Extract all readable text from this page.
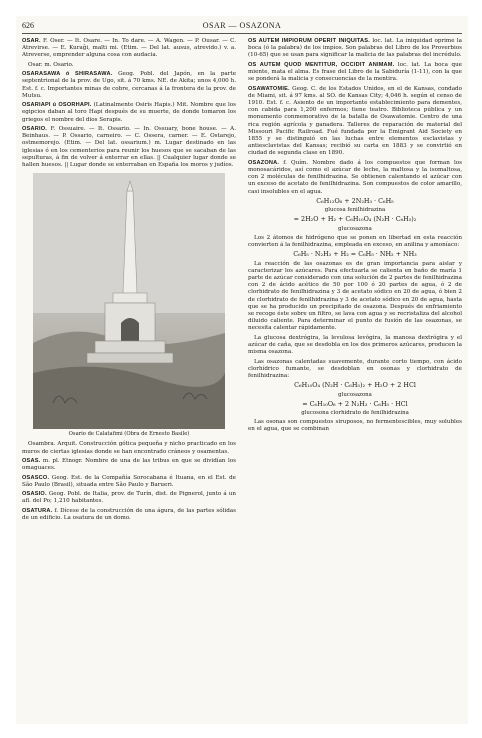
626	OSAR — OSAZONA

OSAR. F. Oser. — It. Osare. — In. To dare. — A. Wagen. — P. Ousar. — C. Atrevirse. — E. Kuraĝi, malti mi. (Etim. — Del lat. ausus, atrevido.) v. a. Atreverse, emprender alguna cosa con audacia.

Osar. m. Osario.

OSARASAWA ó SHIRASAWA. Geog. Pobl. del Japón, en la parte septentrional de la prov. de Ugo, sit. á 70 kms. NE. de Akita; unos 4,000 h. Est. f. c. Importantes minas de cobre, cercanas á la frontera de la prov. de Mutsu.

OSARIAPI ú OSORHAPI. (Latinalmente Osiris Hapis.) Mit. Nombre que los egipcios daban al toro Hapi después de su muerte, de donde tomaron los griegos el nombre del dios Serapis.

OSARIO. F. Ossuaire. — It. Ossario. — In. Ossuary, bone house. — A. Beinhaus. — P. Ossario, carneiro. — C. Ossera, carner. — E. Ostarejo, ostmemorejo. (Etim. — Del lat. ossarium.) m. Lugar destinado en las iglesias ó en los cementerios para reunir los huesos que se sacaban de las sepulturas, á fin de volver á enterrar en ellas. || Cualquier lugar donde se hallen huesos. || Lugar donde se enterraban en España los moros y judíos.

Osario de Calatafimi (Obra de Ernesto Basile)

Osambra. Arquit. Construcción gótica pequeña y nicho practicado en los muros de ciertas iglesias donde se han encontrado cráneos y osamentas.

OSAS. m. pl. Etnogr. Nombre de una de las tribus en que se dividían los omaguaces.

OSASCO. Geog. Est. de la Compañía Sorocabana é Ituana, en el Est. de São Paulo (Brasil), situada entre São Paulo y Barueri.

OSASIO. Geog. Pobl. de Italia, prov. de Turín, dist. de Pignerol, junto á un afl. del Po; 1,210 habitantes.

OSATURA. f. Dícese de la construcción de una águra, de las partes sólidas de un edificio. La osatura de un domo.

OS AUTEM IMPIORUM OPERIT INIQUITAS. loc. lat. La iniquidad oprime la boca (ó la palabra) de los impíos. Son palabras del Libro de los Proverbios (10-65) que se usan para significar la malicia de las palabras del incrédulo.

OS AUTEM QUOD MENTITUR, OCCIDIT ANIMAM. loc. lat. La boca que miente, mata el alma. Es frase del Libro de la Sabiduría (1-11), con la que se ponderá la malicia y consecuencias de la mentira.

OSAWATOMIE. Geog. C. de los Estados Unidos, en el de Kansas, condado de Miami, sit. á 97 kms. al SO. de Kansas City; 4,046 h. según el censo de 1910. Est. f. c. Asiento de un importante establecimiento para dementes, con cabida para 1,200 enfermos; tiene teatro. Biblioteca pública y un monumento conmemorativo de la batalla de Osawatomie. Centro de una rica región agrícola y ganadera. Talleres de reparación de material del Missouri Pacific Railroad. Fué fundada por la Emigrant Aid Society en 1855 y se distinguió en las luchas entre elementos esclavistas y antiesclavistas del Kansas; recibió su carta en 1883 y se convirtió en ciudad de segunda clase en 1890.

OSAZONA. f. Quím. Nombre dado á los compuestos que forman los monosacáridos, así como el azúcar de leche, la maltosa y la isomaltosa, con 2 moléculas de fenilhidrazina. Se obtienen calentando el azúcar con un exceso de acetato de fenilhidrazina. Son compuestos de color amarillo, casi insolubles en el agua.

C₆H₁₂O₆ + 2N₂H₃ · C₆H₅
glucosa fenilhidrazina
= 2H₂O + H₂ + C₆H₁₀O₄ (N₂H · C₆H₅)₂
glucosazona

Los 2 átomos de hidrógeno que se ponen en libertad en esta reacción convierten á la fenilhidrazina, empleada en exceso, en anilina y amoníaco:

C₆H₅ · N₂H₃ + H₂ = C₆H₅ · NH₂ + NH₃

La reacción de las osazonas es de gran importancia para aislar y caracterizar los azúcares. Para efectuarla se calienta en baño de maría 1 parte de azúcar considerado con una solución de 2 partes de fenilhidrazina con 2 de ácido acético de 50 por 100 ó 20 partes de agua, ó 2 de clorhidrato de fenilhidrazina y 3 de acetato sódico en 20 de agua, ó bien 2 de clorhidrato de fenilhidrazina y 3 de acetato sódico en 20 de agua, hasta que se ha producido un precipitado de osazona. Después de enfriamiento se recoge éste sobre un filtro, se lava con agua y se recristaliza del alcohol diluido caliente. Para determinar el punto de fusión de las osazonas, se necesita calentar rápidamente.

La glucosa dextrógira, la levulosa levógira, la manosa dextrógira y el azúcar de caña, que se desdobla en los dos primeros azúcares, producen la misma osazona.

Las osazonas calentadas suavemente, durante corto tiempo, con ácido clorhídrico fumante, se desdoblan en osonas y clorhidrato de fenilhidrazina:

C₆H₁₀O₄ (N₂H · C₆H₅)₂ + H₂O + 2 HCl
glucosazona
= C₆H₁₀O₆ + 2 N₂H₃ · C₆H₅ · HCl
glucosona clorhidrato de fenilhidrazina

Las osonas son compuestos siruposos, no fermentescibles, muy solubles en el agua, que se combinan
